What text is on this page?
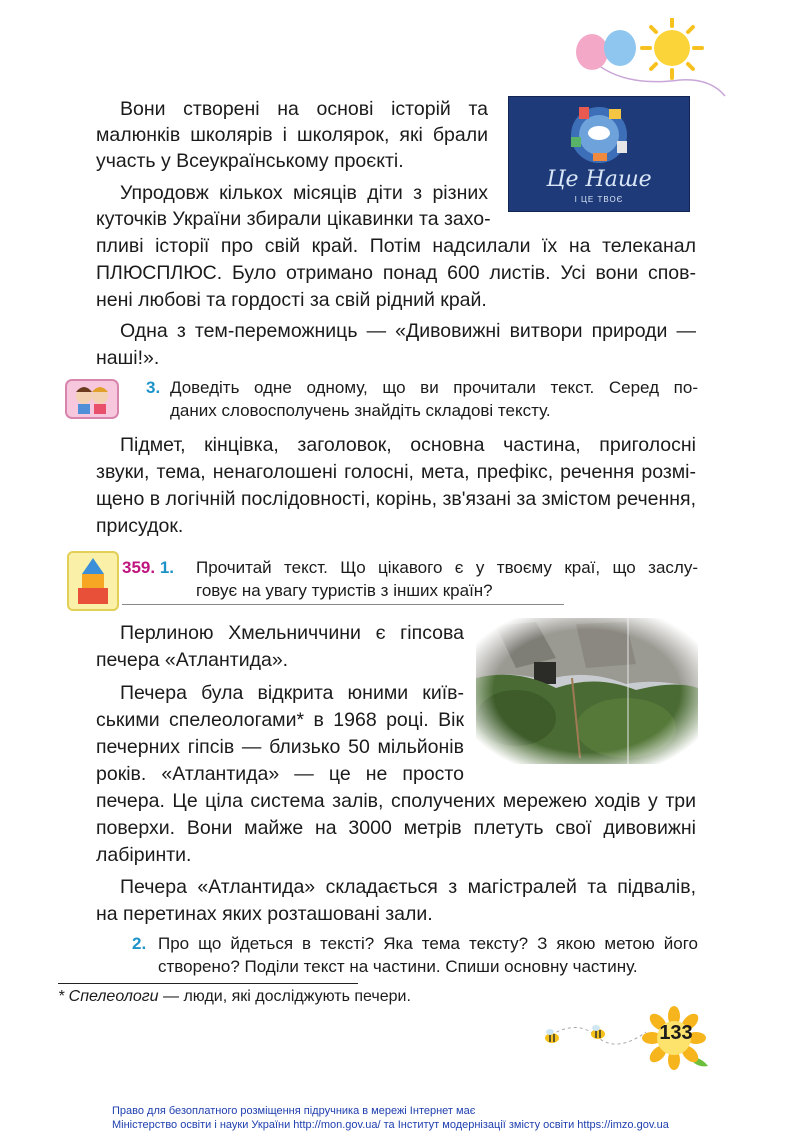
Це Наше
І ЦЕ ТВОЄ
Вони створені на основі історій та
малюнків школярів і школярок, які брали
участь у Всеукраїнському проєкті.
Упродовж кількох місяців діти з різних
куточків України збирали цікавинки та захо-
пливі історії про свій край. Потім надсилали їх на телеканал
ПЛЮСПЛЮС. Було отримано понад 600 листів. Усі вони спов-
нені любові та гордості за свій рідний край.
Одна з тем-переможниць — «Дивовижні витвори природи —
наші!».
3. Доведіть одне одному, що ви прочитали текст. Серед по-
даних словосполучень знайдіть складові тексту.
Підмет, кінцівка, заголовок, основна частина, приголосні
звуки, тема, ненаголошені голосні, мета, префікс, речення розмі-
щено в логічній послідовності, корінь, зв'язані за змістом речення,
присудок.
359. 1. Прочитай текст. Що цікавого є у твоєму краї, що заслу-
говує на увагу туристів з інших країн?
Перлиною Хмельниччини є гіпсова
печера «Атлантида».
Печера була відкрита юними київ-
ськими спелеологами* в 1968 році. Вік
печерних гіпсів — близько 50 мільйонів
років. «Атлантида» — це не просто
печера. Це ціла система залів, сполучених мережею ходів у три
поверхи. Вони майже на 3000 метрів плетуть свої дивовижні
лабіринти.
Печера «Атлантида» складається з магістралей та підвалів,
на перетинах яких розташовані зали.
2. Про що йдеться в тексті? Яка тема тексту? З якою метою його
створено? Поділи текст на частини. Спиши основну частину.
* Спелеологи — люди, які досліджують печери.
133
Право для безоплатного розміщення підручника в мережі Інтернет має
Міністерство освіти і науки України http://mon.gov.ua/ та Інститут модернізації змісту освіти https://imzo.gov.ua
